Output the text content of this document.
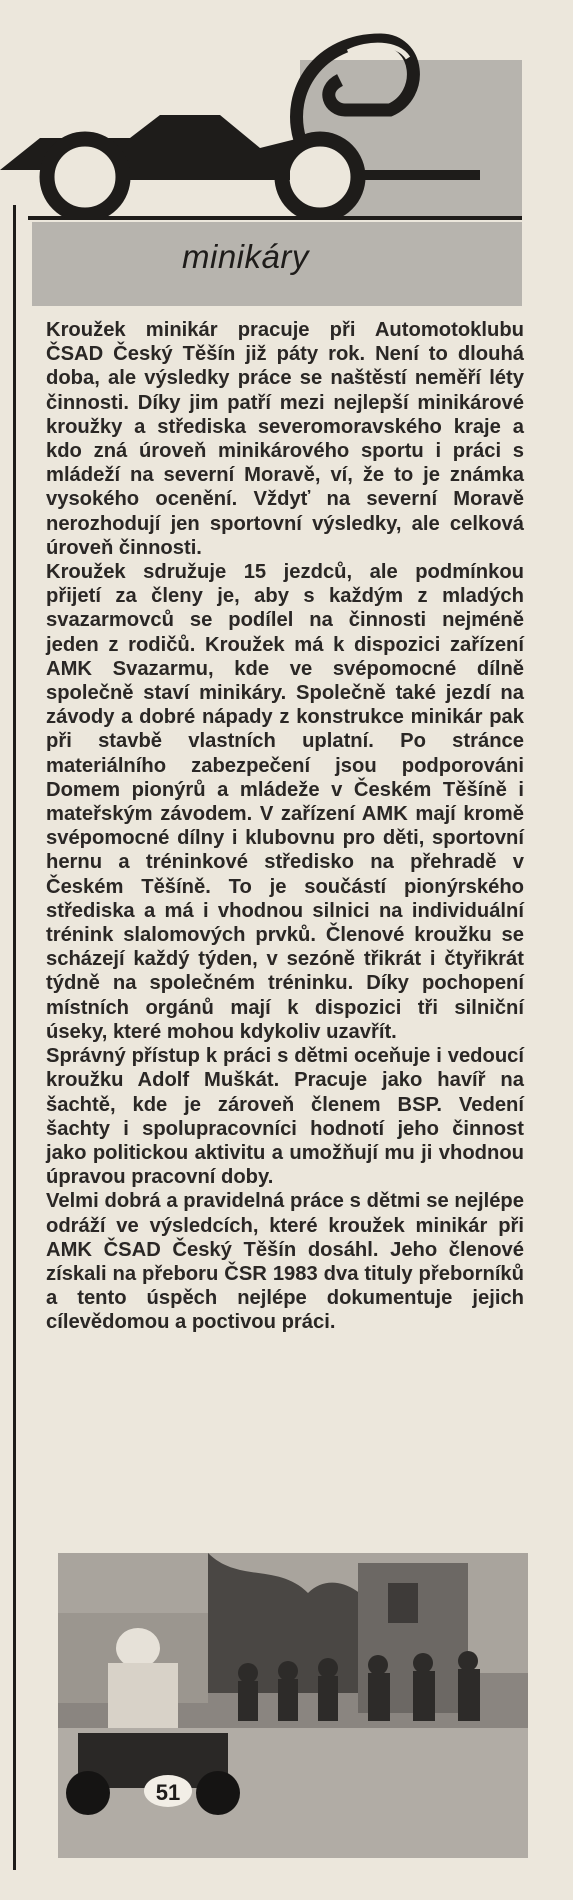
minikáry

Kroužek minikár pracuje při Automotoklubu ČSAD Český Těšín již páty rok. Není to dlouhá doba, ale výsledky práce se naštěstí neměří léty činnosti. Díky jim patří mezi nejlepší minikárové kroužky a střediska severomoravského kraje a kdo zná úroveň minikárového sportu i práci s mládeží na severní Moravě, ví, že to je známka vysokého ocenění. Vždyť na severní Moravě nerozhodují jen sportovní výsledky, ale celková úroveň činnosti.

Kroužek sdružuje 15 jezdců, ale podmínkou přijetí za členy je, aby s každým z mladých svazarmovců se podílel na činnosti nejméně jeden z rodičů. Kroužek má k dispozici zařízení AMK Svazarmu, kde ve svépomocné dílně společně staví minikáry. Společně také jezdí na závody a dobré nápady z konstrukce minikár pak při stavbě vlastních uplatní. Po stránce materiálního zabezpečení jsou podporováni Domem pionýrů a mládeže v Českém Těšíně i mateřským závodem. V zařízení AMK mají kromě svépomocné dílny i klubovnu pro děti, sportovní hernu a tréninkové středisko na přehradě v Českém Těšíně. To je součástí pionýrského střediska a má i vhodnou silnici na individuální trénink slalomových prvků. Členové kroužku se scházejí každý týden, v sezóně třikrát i čtyřikrát týdně na společném tréninku. Díky pochopení místních orgánů mají k dispozici tři silniční úseky, které mohou kdykoliv uzavřít.

Správný přístup k práci s dětmi oceňuje i vedoucí kroužku Adolf Muškát. Pracuje jako havíř na šachtě, kde je zároveň členem BSP. Vedení šachty i spolupracovníci hodnotí jeho činnost jako politickou aktivitu a umožňují mu ji vhodnou úpravou pracovní doby.

Velmi dobrá a pravidelná práce s dětmi se nejlépe odráží ve výsledcích, které kroužek minikár při AMK ČSAD Český Těšín dosáhl. Jeho členové získali na přeboru ČSR 1983 dva tituly přeborníků a tento úspěch nejlépe dokumentuje jejich cílevědomou a poctivou práci.

51
